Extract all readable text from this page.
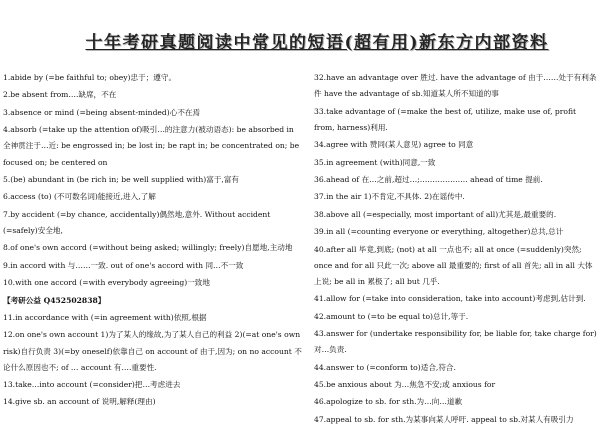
十年考研真题阅读中常见的短语(超有用)新东方内部资料
1.abide by (=be faithful to; obey)忠于；遵守。
2.be absent from….缺席，不在
3.absence or mind (=being absent-minded)心不在焉
4.absorb (=take up the attention of)吸引…的注意力(被动语态): be absorbed in 全神贯注于…近: be engrossed in; be lost in; be rapt in; be concentrated on; be focused on; be centered on
5.(be) abundant in (be rich in; be well supplied with)富于,富有
6.access (to) (不可数名词)能接近,进入,了解
7.by accident (=by chance, accidentally)偶然地,意外. Without accident (=safely)安全地,
8.of one's own accord (=without being asked; willingly; freely)自愿地,主动地
9.in accord with 与……一致. out of one's accord with 同…不一致
10.with one accord (=with everybody agreeing)一致地
【考研公益 Q452502838】
11.in accordance with (=in agreement with)依照,根据
12.on one's own account 1)为了某人的缘故,为了某人自己的利益 2)(=at one's own risk)自行负责 3)(=by oneself)依靠自己 on account of 由于,因为; on no account 不论什么原因也不; of … account 有….重要性.
13.take…into account (=consider)把…考虑进去
14.give sb. an account of 说明,解释(理由)
32.have an advantage over 胜过. have the advantage of 由于……处于有利条件 have the advantage of sb.知道某人所不知道的事
33.take advantage of (=make the best of, utilize, make use of, profit from, harness)利用.
34.agree with 赞同(某人意见) agree to 同意
35.in agreement (with)同意,一致
36.ahead of 在…之前,超过…;………………. ahead of time 提前.
37.in the air 1)不肯定,不具体. 2)在谣传中.
38.above all (=especially, most important of all)尤其是,最重要的.
39.in all (=counting everyone or everything, altogether)总共,总计
40.after all 毕竟,到底; (not) at all 一点也不; all at once (=suddenly)突然; once and for all 只此一次; above all 最重要的; first of all 首先; all in all 大体上说; be all in 累极了; all but 几乎.
41.allow for (=take into consideration, take into account)考虑到,估计到.
42.amount to (=to be equal to)总计,等于.
43.answer for (undertake responsibility for, be liable for, take charge for)对…负责.
44.answer to (=conform to)适合,符合.
45.be anxious about 为…焦急不安;或 anxious for
46.apologize to sb. for sth.为…向…道歉
47.appeal to sb. for sth.为某事向某人呼吁. appeal to sb.对某人有吸引力
